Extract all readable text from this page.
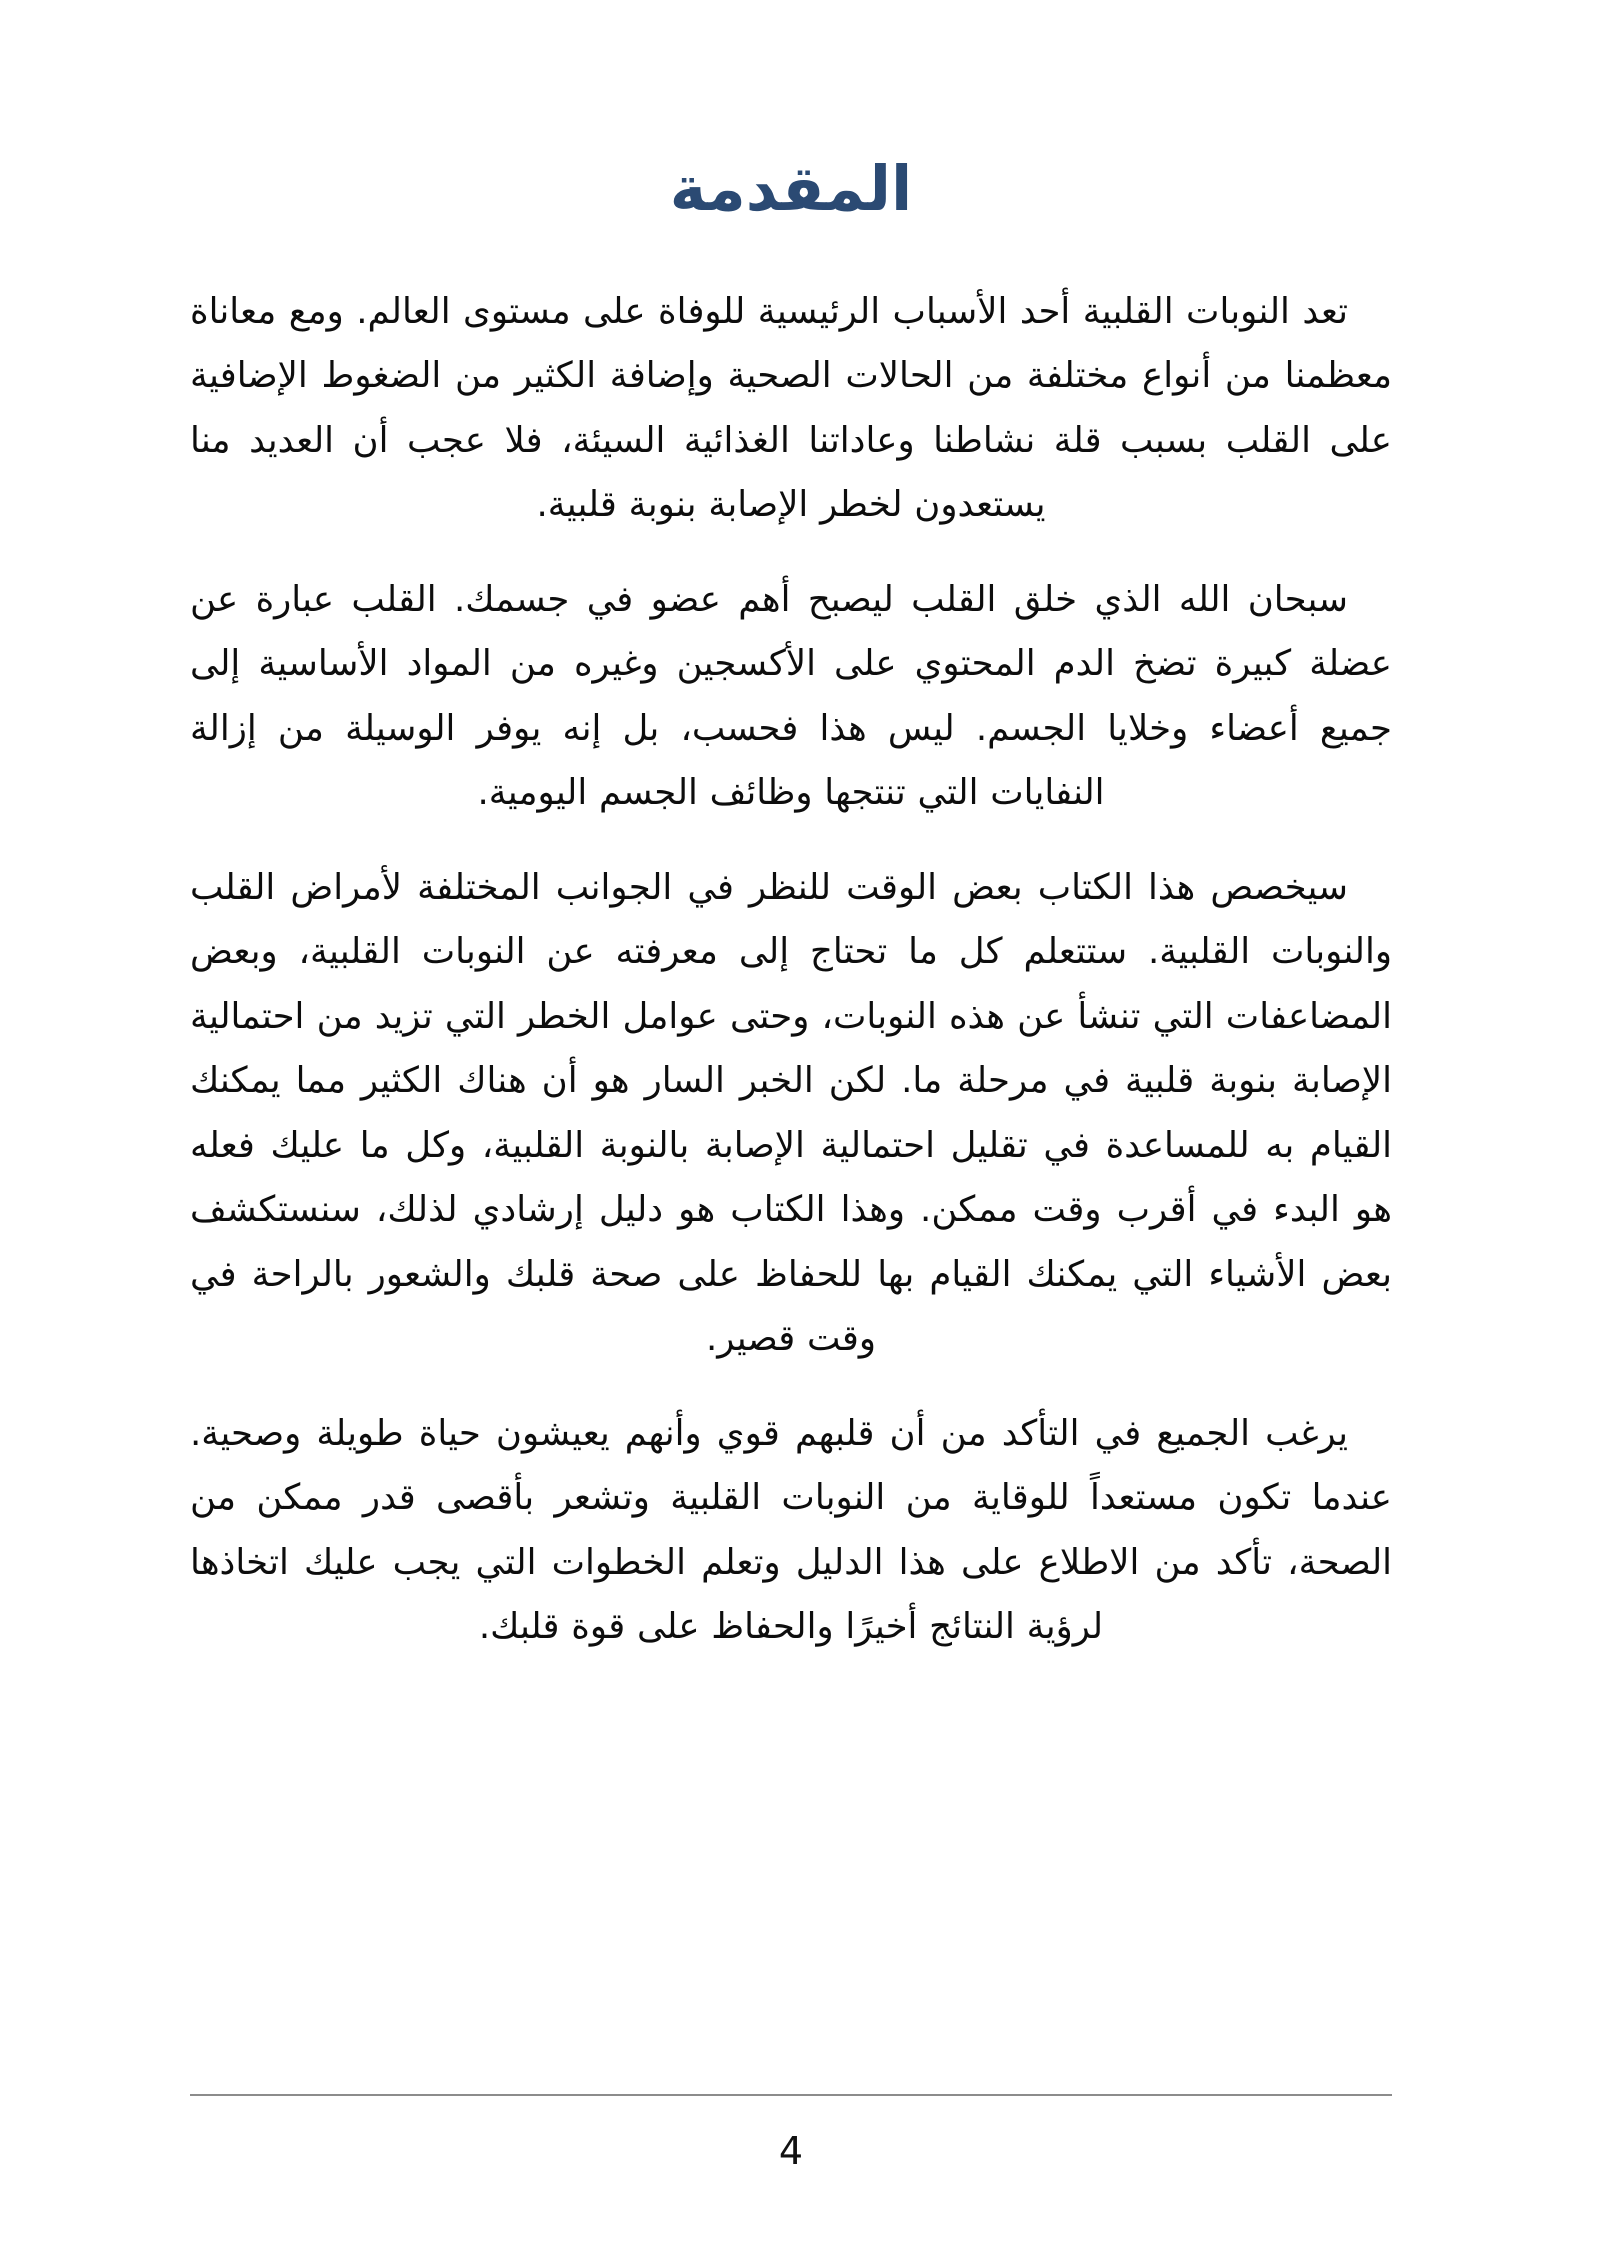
المقدمة

تعد النوبات القلبية أحد الأسباب الرئيسية للوفاة على مستوى العالم. ومع معاناة معظمنا من أنواع مختلفة من الحالات الصحية وإضافة الكثير من الضغوط الإضافية على القلب بسبب قلة نشاطنا وعاداتنا الغذائية السيئة، فلا عجب أن العديد منا يستعدون لخطر الإصابة بنوبة قلبية.

سبحان الله الذي خلق القلب ليصبح أهم عضو في جسمك. القلب عبارة عن عضلة كبيرة تضخ الدم المحتوي على الأكسجين وغيره من المواد الأساسية إلى جميع أعضاء وخلايا الجسم. ليس هذا فحسب، بل إنه يوفر الوسيلة من إزالة النفايات التي تنتجها وظائف الجسم اليومية.

سيخصص هذا الكتاب بعض الوقت للنظر في الجوانب المختلفة لأمراض القلب والنوبات القلبية. ستتعلم كل ما تحتاج إلى معرفته عن النوبات القلبية، وبعض المضاعفات التي تنشأ عن هذه النوبات، وحتى عوامل الخطر التي تزيد من احتمالية الإصابة بنوبة قلبية في مرحلة ما. لكن الخبر السار هو أن هناك الكثير مما يمكنك القيام به للمساعدة في تقليل احتمالية الإصابة بالنوبة القلبية، وكل ما عليك فعله هو البدء في أقرب وقت ممكن. وهذا الكتاب هو دليل إرشادي لذلك، سنستكشف بعض الأشياء التي يمكنك القيام بها للحفاظ على صحة قلبك والشعور بالراحة في وقت قصير.

يرغب الجميع في التأكد من أن قلبهم قوي وأنهم يعيشون حياة طويلة وصحية. عندما تكون مستعداً للوقاية من النوبات القلبية وتشعر بأقصى قدر ممكن من الصحة، تأكد من الاطلاع على هذا الدليل وتعلم الخطوات التي يجب عليك اتخاذها لرؤية النتائج أخيرًا والحفاظ على قوة قلبك.

4
